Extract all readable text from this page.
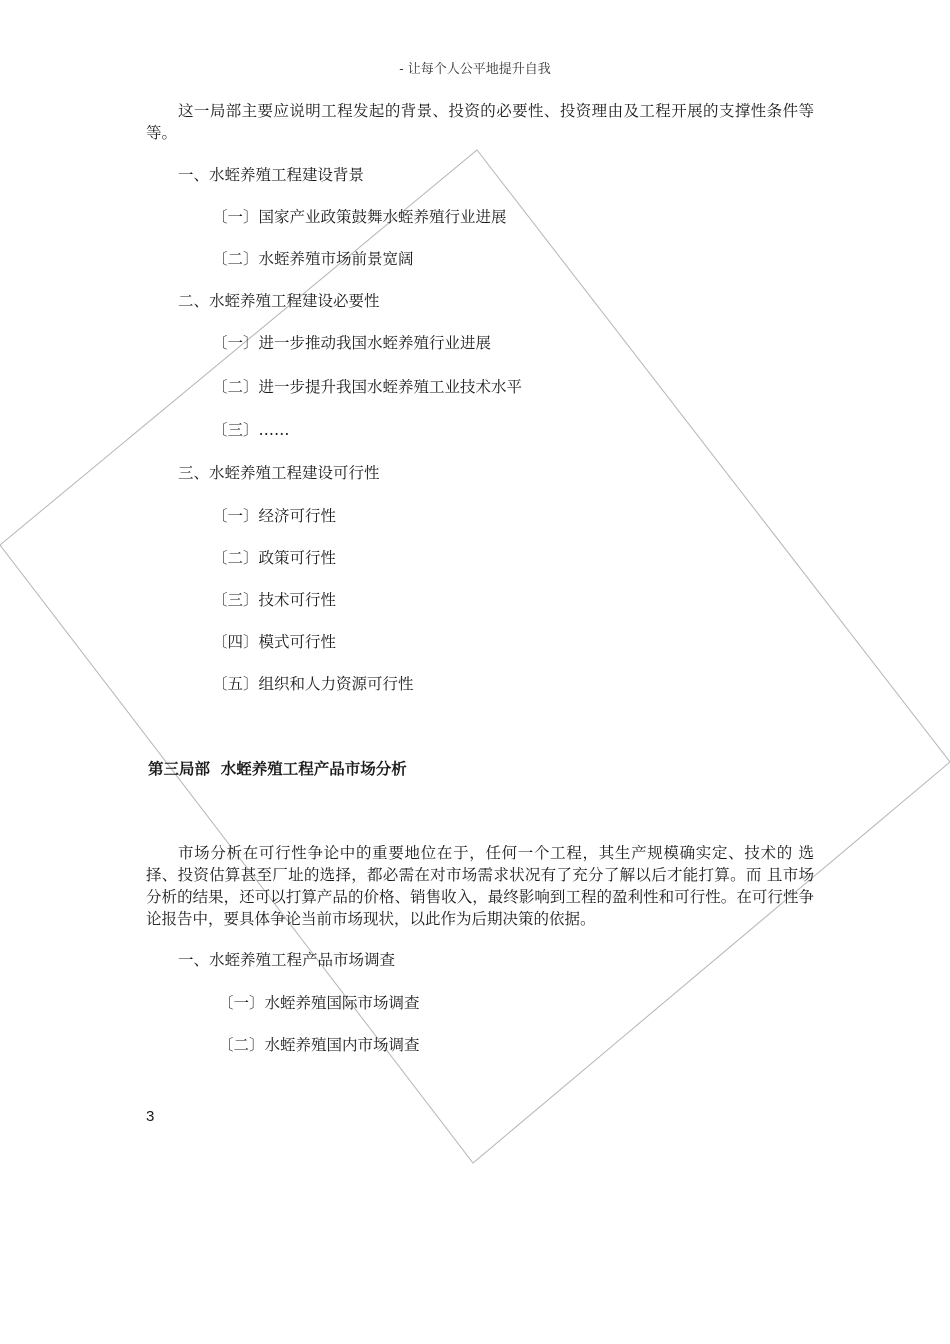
- 让每个人公平地提升自我
这一局部主要应说明工程发起的背景、投资的必要性、投资理由及工程开展的支撑性条件等等。
一、水蛭养殖工程建设背景
〔一〕国家产业政策鼓舞水蛭养殖行业进展
〔二〕水蛭养殖市场前景宽阔
二、水蛭养殖工程建设必要性
〔一〕进一步推动我国水蛭养殖行业进展
〔二〕进一步提升我国水蛭养殖工业技术水平
〔三〕……
三、水蛭养殖工程建设可行性
〔一〕经济可行性
〔二〕政策可行性
〔三〕技术可行性
〔四〕模式可行性
〔五〕组织和人力资源可行性
第三局部  水蛭养殖工程产品市场分析
市场分析在可行性争论中的重要地位在于，任何一个工程，其生产规模确实定、技术的 选择、投资估算甚至厂址的选择，都必需在对市场需求状况有了充分了解以后才能打算。而 且市场分析的结果，还可以打算产品的价格、销售收入，最终影响到工程的盈利性和可行性。在可行性争论报告中，要具体争论当前市场现状，以此作为后期决策的依据。
一、水蛭养殖工程产品市场调查
〔一〕水蛭养殖国际市场调查
〔二〕水蛭养殖国内市场调查
3
